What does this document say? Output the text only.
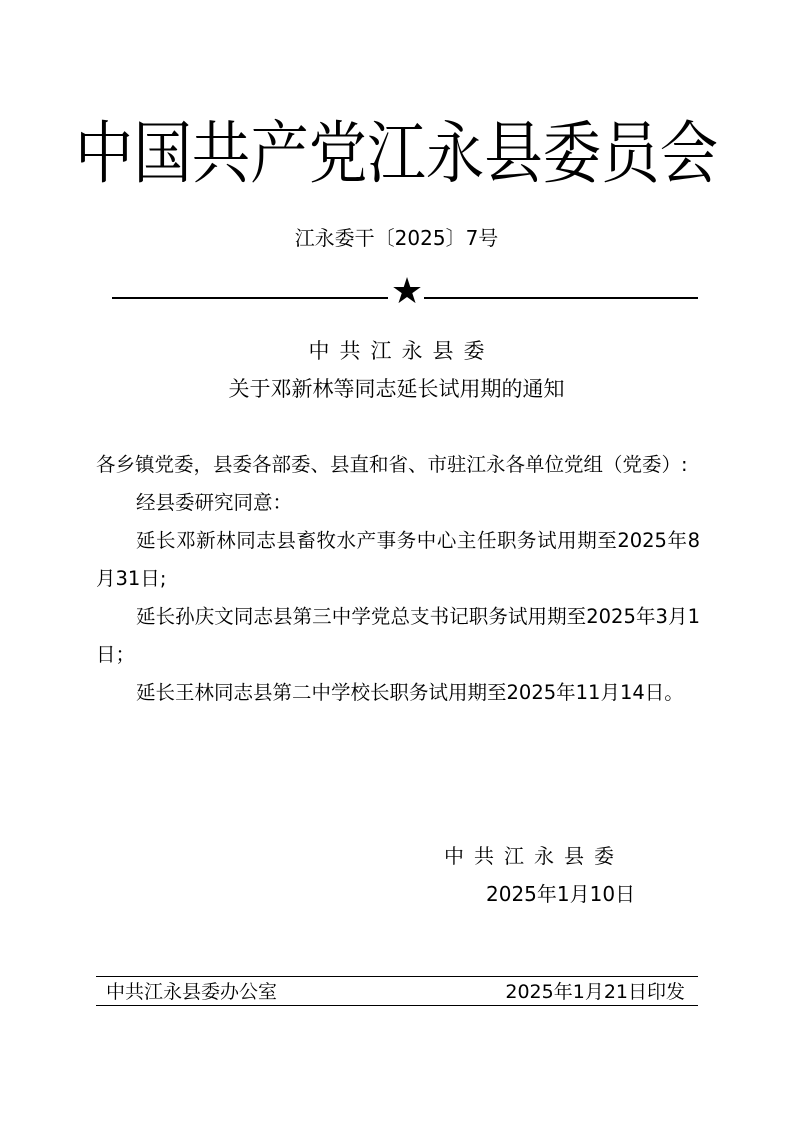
中国共产党江永县委员会
江永委干〔2025〕7号
★
中共江永县委
关于邓新林等同志延长试用期的通知

各乡镇党委，县委各部委、县直和省、市驻江永各单位党组（党委）:

经县委研究同意：

延长邓新林同志县畜牧水产事务中心主任职务试用期至2025年8月31日;

延长孙庆文同志县第三中学党总支书记职务试用期至2025年3月1日；

延长王林同志县第二中学校长职务试用期至2025年11月14日。

中共江永县委
2025年1月10日
中共江永县委办公室	2025年1月21日印发
